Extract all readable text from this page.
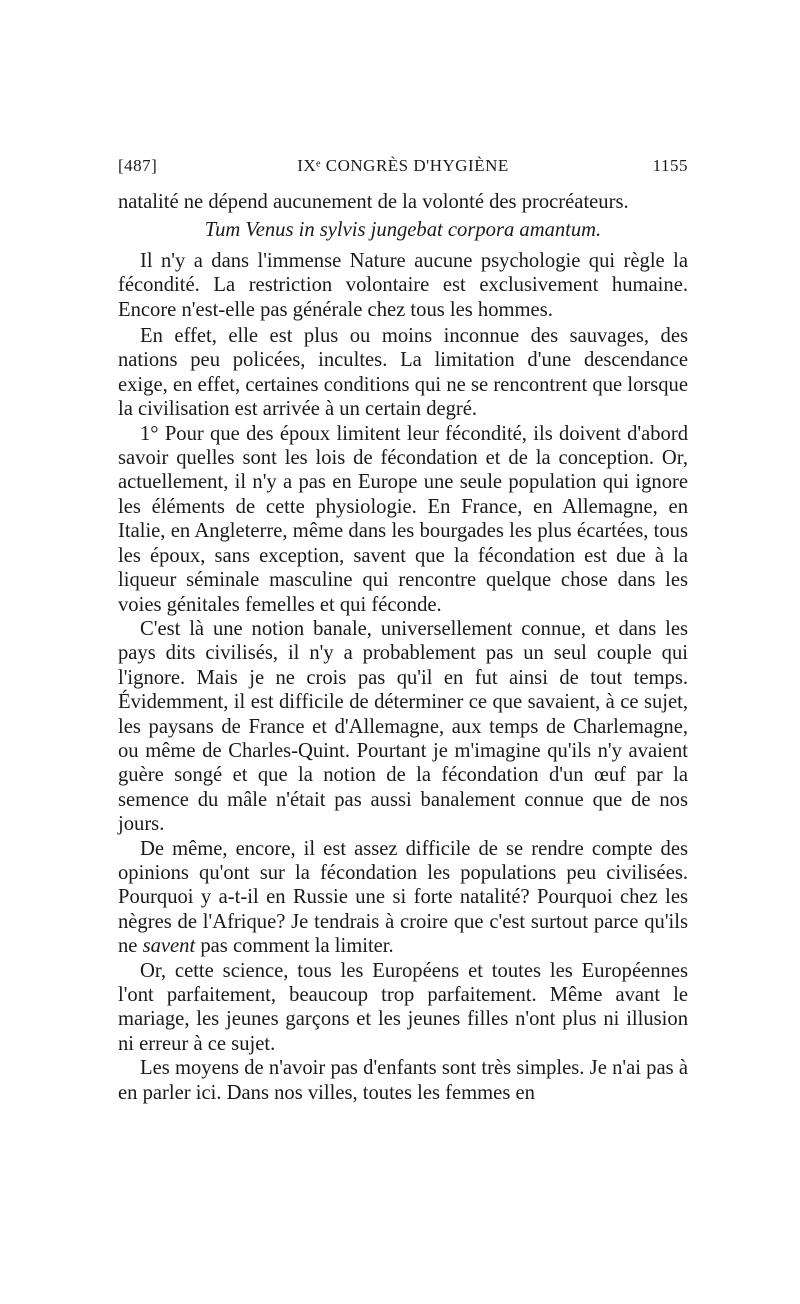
[487]	IXᵉ CONGRÈS D'HYGIÈNE	1155

natalité ne dépend aucunement de la volonté des procréateurs.

Tum Venus in sylvis jungebat corpora amantum.

Il n'y a dans l'immense Nature aucune psychologie qui règle la fécondité. La restriction volontaire est exclusivement humaine. Encore n'est-elle pas générale chez tous les hommes.

En effet, elle est plus ou moins inconnue des sauvages, des nations peu policées, incultes. La limitation d'une descendance exige, en effet, certaines conditions qui ne se rencontrent que lorsque la civilisation est arrivée à un certain degré.

1° Pour que des époux limitent leur fécondité, ils doivent d'abord savoir quelles sont les lois de fécondation et de la conception. Or, actuellement, il n'y a pas en Europe une seule population qui ignore les éléments de cette physiologie. En France, en Allemagne, en Italie, en Angleterre, même dans les bourgades les plus écartées, tous les époux, sans exception, savent que la fécondation est due à la liqueur séminale masculine qui rencontre quelque chose dans les voies génitales femelles et qui féconde.

C'est là une notion banale, universellement connue, et dans les pays dits civilisés, il n'y a probablement pas un seul couple qui l'ignore. Mais je ne crois pas qu'il en fut ainsi de tout temps. Évidemment, il est difficile de déterminer ce que savaient, à ce sujet, les paysans de France et d'Allemagne, aux temps de Charlemagne, ou même de Charles-Quint. Pourtant je m'imagine qu'ils n'y avaient guère songé et que la notion de la fécondation d'un œuf par la semence du mâle n'était pas aussi banalement connue que de nos jours.

De même, encore, il est assez difficile de se rendre compte des opinions qu'ont sur la fécondation les populations peu civilisées. Pourquoi y a-t-il en Russie une si forte natalité? Pourquoi chez les nègres de l'Afrique? Je tendrais à croire que c'est surtout parce qu'ils ne savent pas comment la limiter.

Or, cette science, tous les Européens et toutes les Européennes l'ont parfaitement, beaucoup trop parfaitement. Même avant le mariage, les jeunes garçons et les jeunes filles n'ont plus ni illusion ni erreur à ce sujet.

Les moyens de n'avoir pas d'enfants sont très simples. Je n'ai pas à en parler ici. Dans nos villes, toutes les femmes en
